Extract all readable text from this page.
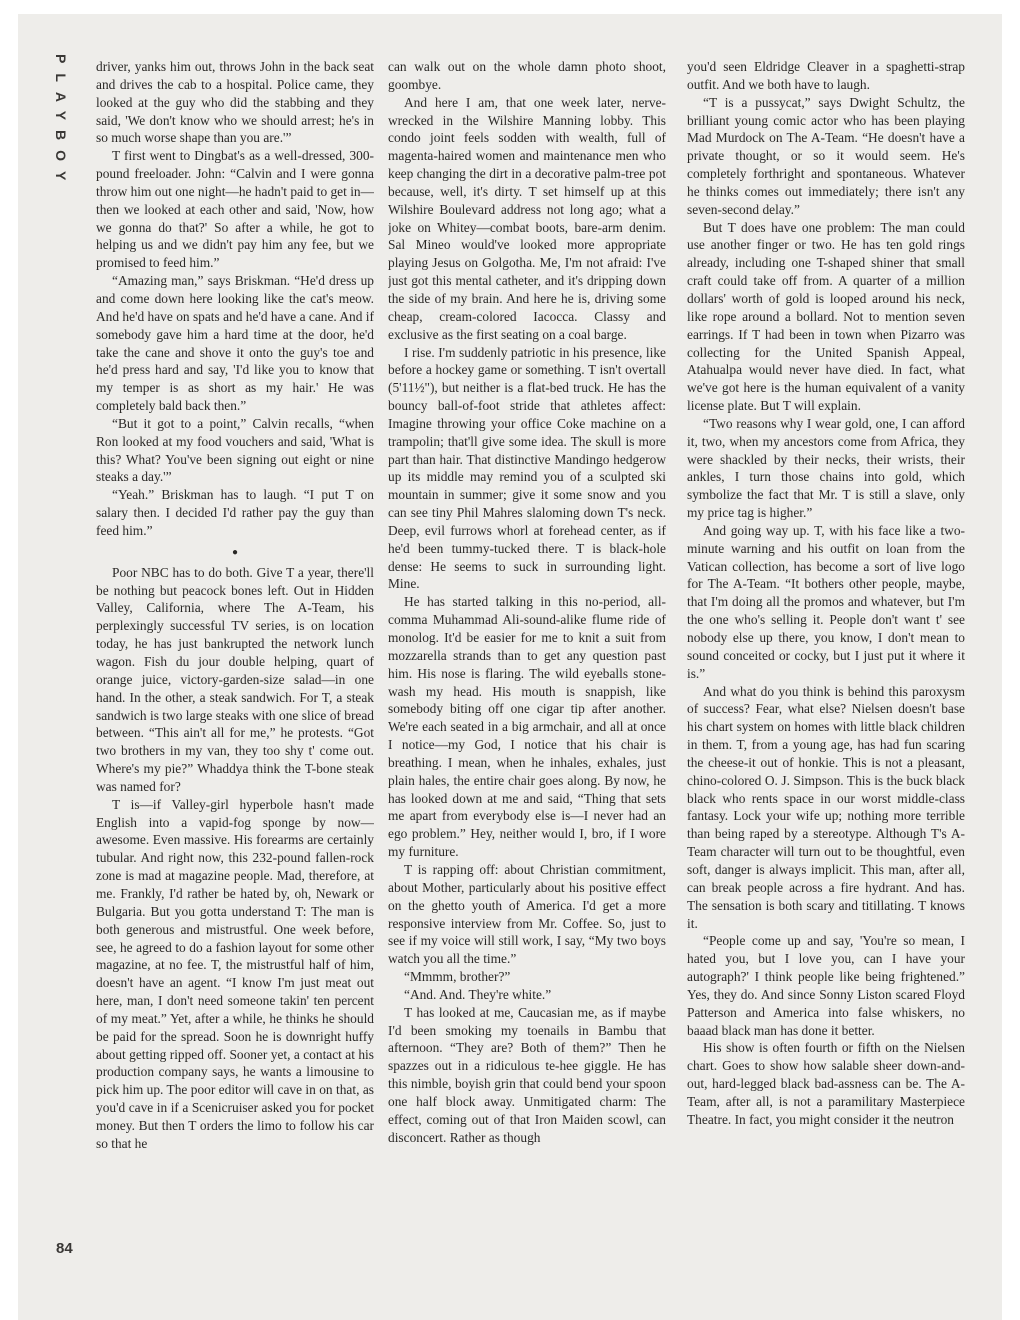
PLAYBOY
84

driver, yanks him out, throws John in the back seat and drives the cab to a hospital. Police came, they looked at the guy who did the stabbing and they said, 'We don't know who we should arrest; he's in so much worse shape than you are.'”

T first went to Dingbat's as a well-dressed, 300-pound freeloader. John: “Calvin and I were gonna throw him out one night—he hadn't paid to get in—then we looked at each other and said, 'Now, how we gonna do that?' So after a while, he got to helping us and we didn't pay him any fee, but we promised to feed him.”

“Amazing man,” says Briskman. “He'd dress up and come down here looking like the cat's meow. And he'd have on spats and he'd have a cane. And if somebody gave him a hard time at the door, he'd take the cane and shove it onto the guy's toe and he'd press hard and say, 'I'd like you to know that my temper is as short as my hair.' He was completely bald back then.”

“But it got to a point,” Calvin recalls, “when Ron looked at my food vouchers and said, 'What is this? What? You've been signing out eight or nine steaks a day.'”

“Yeah.” Briskman has to laugh. “I put T on salary then. I decided I'd rather pay the guy than feed him.”

●

Poor NBC has to do both. Give T a year, there'll be nothing but peacock bones left. Out in Hidden Valley, California, where The A-Team, his perplexingly successful TV series, is on location today, he has just bankrupted the network lunch wagon. Fish du jour double helping, quart of orange juice, victory-garden-size salad—in one hand. In the other, a steak sandwich. For T, a steak sandwich is two large steaks with one slice of bread between. “This ain't all for me,” he protests. “Got two brothers in my van, they too shy t' come out. Where's my pie?” Whaddya think the T-bone steak was named for?

T is—if Valley-girl hyperbole hasn't made English into a vapid-fog sponge by now—awesome. Even massive. His forearms are certainly tubular. And right now, this 232-pound fallen-rock zone is mad at magazine people. Mad, therefore, at me. Frankly, I'd rather be hated by, oh, Newark or Bulgaria. But you gotta understand T: The man is both generous and mistrustful. One week before, see, he agreed to do a fashion layout for some other magazine, at no fee. T, the mistrustful half of him, doesn't have an agent. “I know I'm just meat out here, man, I don't need someone takin' ten percent of my meat.” Yet, after a while, he thinks he should be paid for the spread. Soon he is downright huffy about getting ripped off. Sooner yet, a contact at his production company says, he wants a limousine to pick him up. The poor editor will cave in on that, as you'd cave in if a Scenicruiser asked you for pocket money. But then T orders the limo to follow his car so that he

can walk out on the whole damn photo shoot, goombye.

And here I am, that one week later, nerve-wrecked in the Wilshire Manning lobby. This condo joint feels sodden with wealth, full of magenta-haired women and maintenance men who keep changing the dirt in a decorative palm-tree pot because, well, it's dirty. T set himself up at this Wilshire Boulevard address not long ago; what a joke on Whitey—combat boots, bare-arm denim. Sal Mineo would've looked more appropriate playing Jesus on Golgotha. Me, I'm not afraid: I've just got this mental catheter, and it's dripping down the side of my brain. And here he is, driving some cheap, cream-colored Iacocca. Classy and exclusive as the first seating on a coal barge.

I rise. I'm suddenly patriotic in his presence, like before a hockey game or something. T isn't overtall (5'11½"), but neither is a flat-bed truck. He has the bouncy ball-of-foot stride that athletes affect: Imagine throwing your office Coke machine on a trampolin; that'll give some idea. The skull is more part than hair. That distinctive Mandingo hedgerow up its middle may remind you of a sculpted ski mountain in summer; give it some snow and you can see tiny Phil Mahres slaloming down T's neck. Deep, evil furrows whorl at forehead center, as if he'd been tummy-tucked there. T is black-hole dense: He seems to suck in surrounding light. Mine.

He has started talking in this no-period, all-comma Muhammad Ali-sound-alike flume ride of monolog. It'd be easier for me to knit a suit from mozzarella strands than to get any question past him. His nose is flaring. The wild eyeballs stone-wash my head. His mouth is snappish, like somebody biting off one cigar tip after another. We're each seated in a big armchair, and all at once I notice—my God, I notice that his chair is breathing. I mean, when he inhales, exhales, just plain hales, the entire chair goes along. By now, he has looked down at me and said, “Thing that sets me apart from everybody else is—I never had an ego problem.” Hey, neither would I, bro, if I wore my furniture.

T is rapping off: about Christian commitment, about Mother, particularly about his positive effect on the ghetto youth of America. I'd get a more responsive interview from Mr. Coffee. So, just to see if my voice will still work, I say, “My two boys watch you all the time.”

“Mmmm, brother?”

“And. And. They're white.”

T has looked at me, Caucasian me, as if maybe I'd been smoking my toenails in Bambu that afternoon. “They are? Both of them?” Then he spazzes out in a ridiculous te-hee giggle. He has this nimble, boyish grin that could bend your spoon one half block away. Unmitigated charm: The effect, coming out of that Iron Maiden scowl, can disconcert. Rather as though

you'd seen Eldridge Cleaver in a spaghetti-strap outfit. And we both have to laugh.

“T is a pussycat,” says Dwight Schultz, the brilliant young comic actor who has been playing Mad Murdock on The A-Team. “He doesn't have a private thought, or so it would seem. He's completely forthright and spontaneous. Whatever he thinks comes out immediately; there isn't any seven-second delay.”

But T does have one problem: The man could use another finger or two. He has ten gold rings already, including one T-shaped shiner that small craft could take off from. A quarter of a million dollars' worth of gold is looped around his neck, like rope around a bollard. Not to mention seven earrings. If T had been in town when Pizarro was collecting for the United Spanish Appeal, Atahualpa would never have died. In fact, what we've got here is the human equivalent of a vanity license plate. But T will explain.

“Two reasons why I wear gold, one, I can afford it, two, when my ancestors come from Africa, they were shackled by their necks, their wrists, their ankles, I turn those chains into gold, which symbolize the fact that Mr. T is still a slave, only my price tag is higher.”

And going way up. T, with his face like a two-minute warning and his outfit on loan from the Vatican collection, has become a sort of live logo for The A-Team. “It bothers other people, maybe, that I'm doing all the promos and whatever, but I'm the one who's selling it. People don't want t' see nobody else up there, you know, I don't mean to sound conceited or cocky, but I just put it where it is.”

And what do you think is behind this paroxysm of success? Fear, what else? Nielsen doesn't base his chart system on homes with little black children in them. T, from a young age, has had fun scaring the cheese-it out of honkie. This is not a pleasant, chino-colored O. J. Simpson. This is the buck black black who rents space in our worst middle-class fantasy. Lock your wife up; nothing more terrible than being raped by a stereotype. Although T's A-Team character will turn out to be thoughtful, even soft, danger is always implicit. This man, after all, can break people across a fire hydrant. And has. The sensation is both scary and titillating. T knows it.

“People come up and say, 'You're so mean, I hated you, but I love you, can I have your autograph?' I think people like being frightened.” Yes, they do. And since Sonny Liston scared Floyd Patterson and America into false whiskers, no baaad black man has done it better.

His show is often fourth or fifth on the Nielsen chart. Goes to show how salable sheer down-and-out, hard-legged black bad-assness can be. The A-Team, after all, is not a paramilitary Masterpiece Theatre. In fact, you might consider it the neutron
